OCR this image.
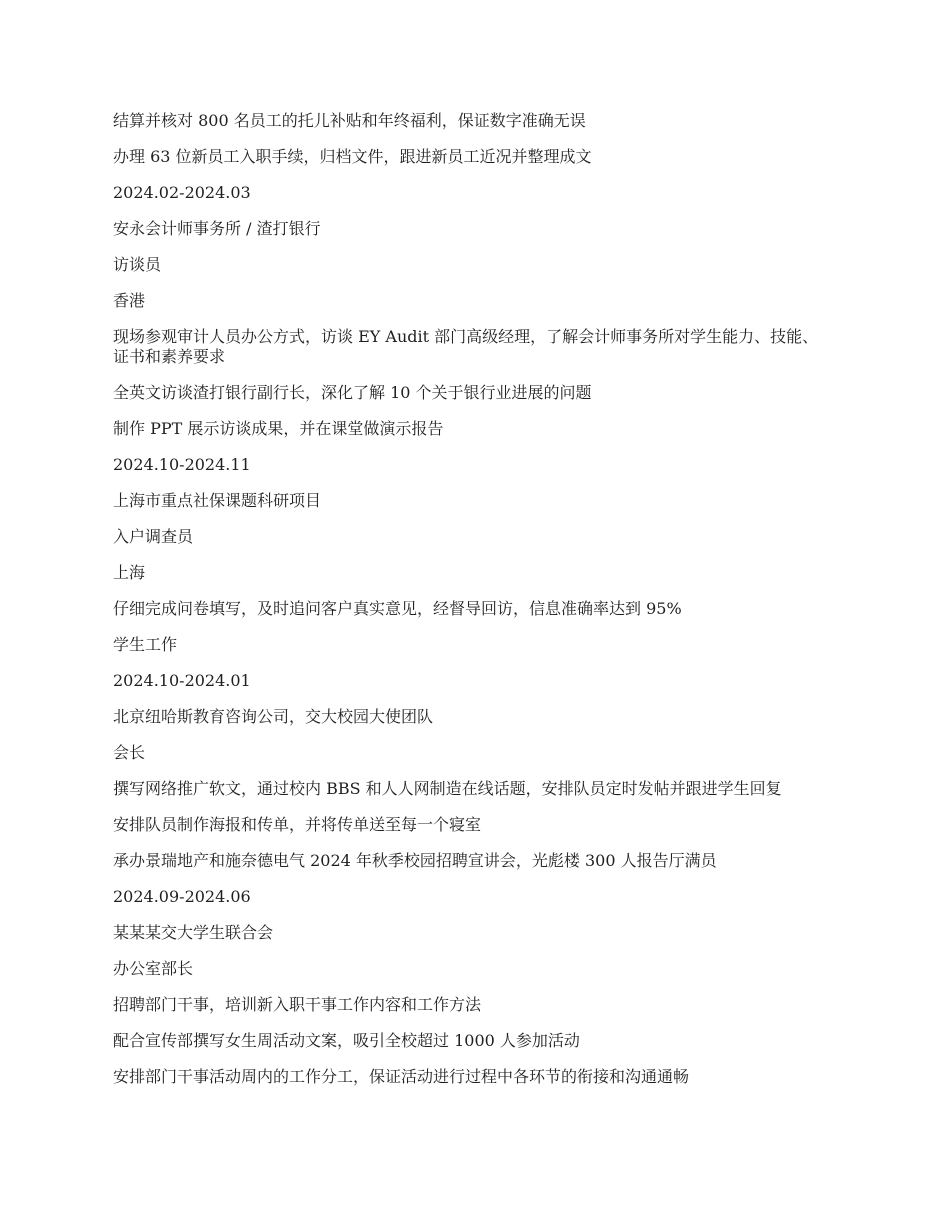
结算并核对 800 名员工的托儿补贴和年终福利，保证数字准确无误

办理 63 位新员工入职手续，归档文件，跟进新员工近况并整理成文

2024.02-2024.03

安永会计师事务所 / 渣打银行

访谈员

香港

现场参观审计人员办公方式，访谈 EY Audit 部门高级经理，了解会计师事务所对学生能力、技能、证书和素养要求

全英文访谈渣打银行副行长，深化了解 10 个关于银行业进展的问题

制作 PPT 展示访谈成果，并在课堂做演示报告

2024.10-2024.11

上海市重点社保课题科研项目

入户调查员

上海

仔细完成问卷填写，及时追问客户真实意见，经督导回访，信息准确率达到 95%

学生工作

2024.10-2024.01

北京纽哈斯教育咨询公司，交大校园大使团队

会长

撰写网络推广软文，通过校内 BBS 和人人网制造在线话题，安排队员定时发帖并跟进学生回复

安排队员制作海报和传单，并将传单送至每一个寝室

承办景瑞地产和施奈德电气 2024 年秋季校园招聘宣讲会，光彪楼 300 人报告厅满员

2024.09-2024.06

某某某交大学生联合会

办公室部长

招聘部门干事，培训新入职干事工作内容和工作方法

配合宣传部撰写女生周活动文案，吸引全校超过 1000 人参加活动

安排部门干事活动周内的工作分工，保证活动进行过程中各环节的衔接和沟通通畅
